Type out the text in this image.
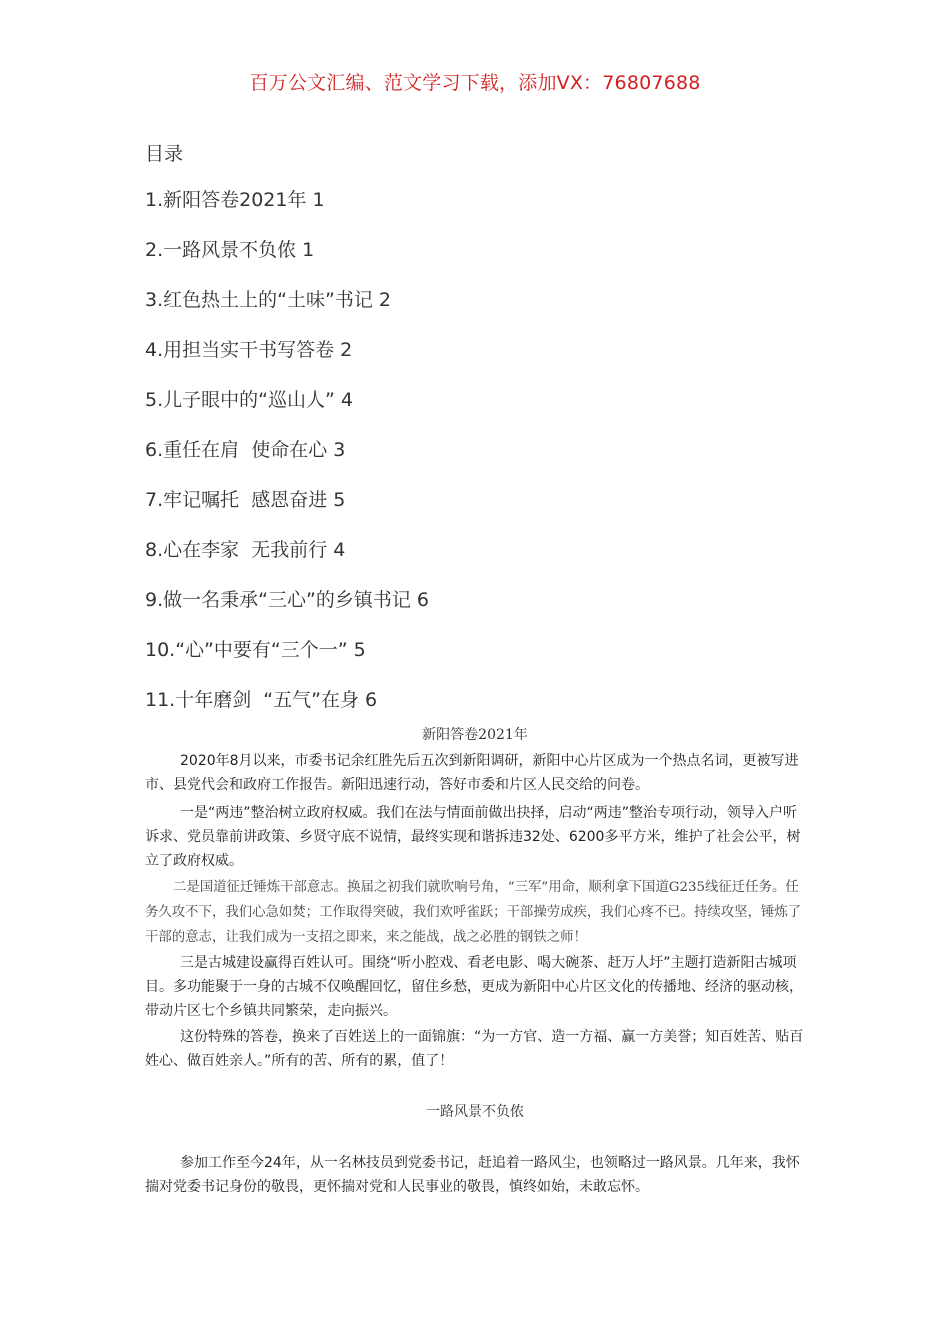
百万公文汇编、范文学习下载，添加VX：76807688
目录
1.新阳答卷2021年 1
2.一路风景不负侬 1
3.红色热土上的“土味”书记 2
4.用担当实干书写答卷 2
5.儿子眼中的“巡山人” 4
6.重任在肩  使命在心 3
7.牢记嘱托  感恩奋进 5
8.心在李家  无我前行 4
9.做一名秉承“三心”的乡镇书记 6
10.“心”中要有“三个一” 5
11.十年磨剑  “五气”在身 6
新阳答卷2021年

2020年8月以来，市委书记余红胜先后五次到新阳调研，新阳中心片区成为一个热点名词，更被写进市、县党代会和政府工作报告。新阳迅速行动，答好市委和片区人民交给的问卷。

一是“两违”整治树立政府权威。我们在法与情面前做出抉择，启动“两违”整治专项行动，领导入户听诉求、党员靠前讲政策、乡贤守底不说情，最终实现和谐拆违32处、6200多平方米，维护了社会公平，树立了政府权威。

二是国道征迁锤炼干部意志。换届之初我们就吹响号角，“三军”用命，顺利拿下国道G235线征迁任务。任务久攻不下，我们心急如焚；工作取得突破，我们欢呼雀跃；干部操劳成疾，我们心疼不已。持续攻坚，锤炼了干部的意志，让我们成为一支招之即来，来之能战，战之必胜的钢铁之师！

三是古城建设赢得百姓认可。围绕“听小腔戏、看老电影、喝大碗茶、赶万人圩”主题打造新阳古城项目。多功能聚于一身的古城不仅唤醒回忆，留住乡愁，更成为新阳中心片区文化的传播地、经济的驱动核，带动片区七个乡镇共同繁荣，走向振兴。

这份特殊的答卷，换来了百姓送上的一面锦旗：“为一方官、造一方福、赢一方美誉；知百姓苦、贴百姓心、做百姓亲人。”所有的苦、所有的累，值了！

一路风景不负侬

参加工作至今24年，从一名林技员到党委书记，赶追着一路风尘，也领略过一路风景。几年来，我怀揣对党委书记身份的敬畏，更怀揣对党和人民事业的敬畏，慎终如始，未敢忘怀。
